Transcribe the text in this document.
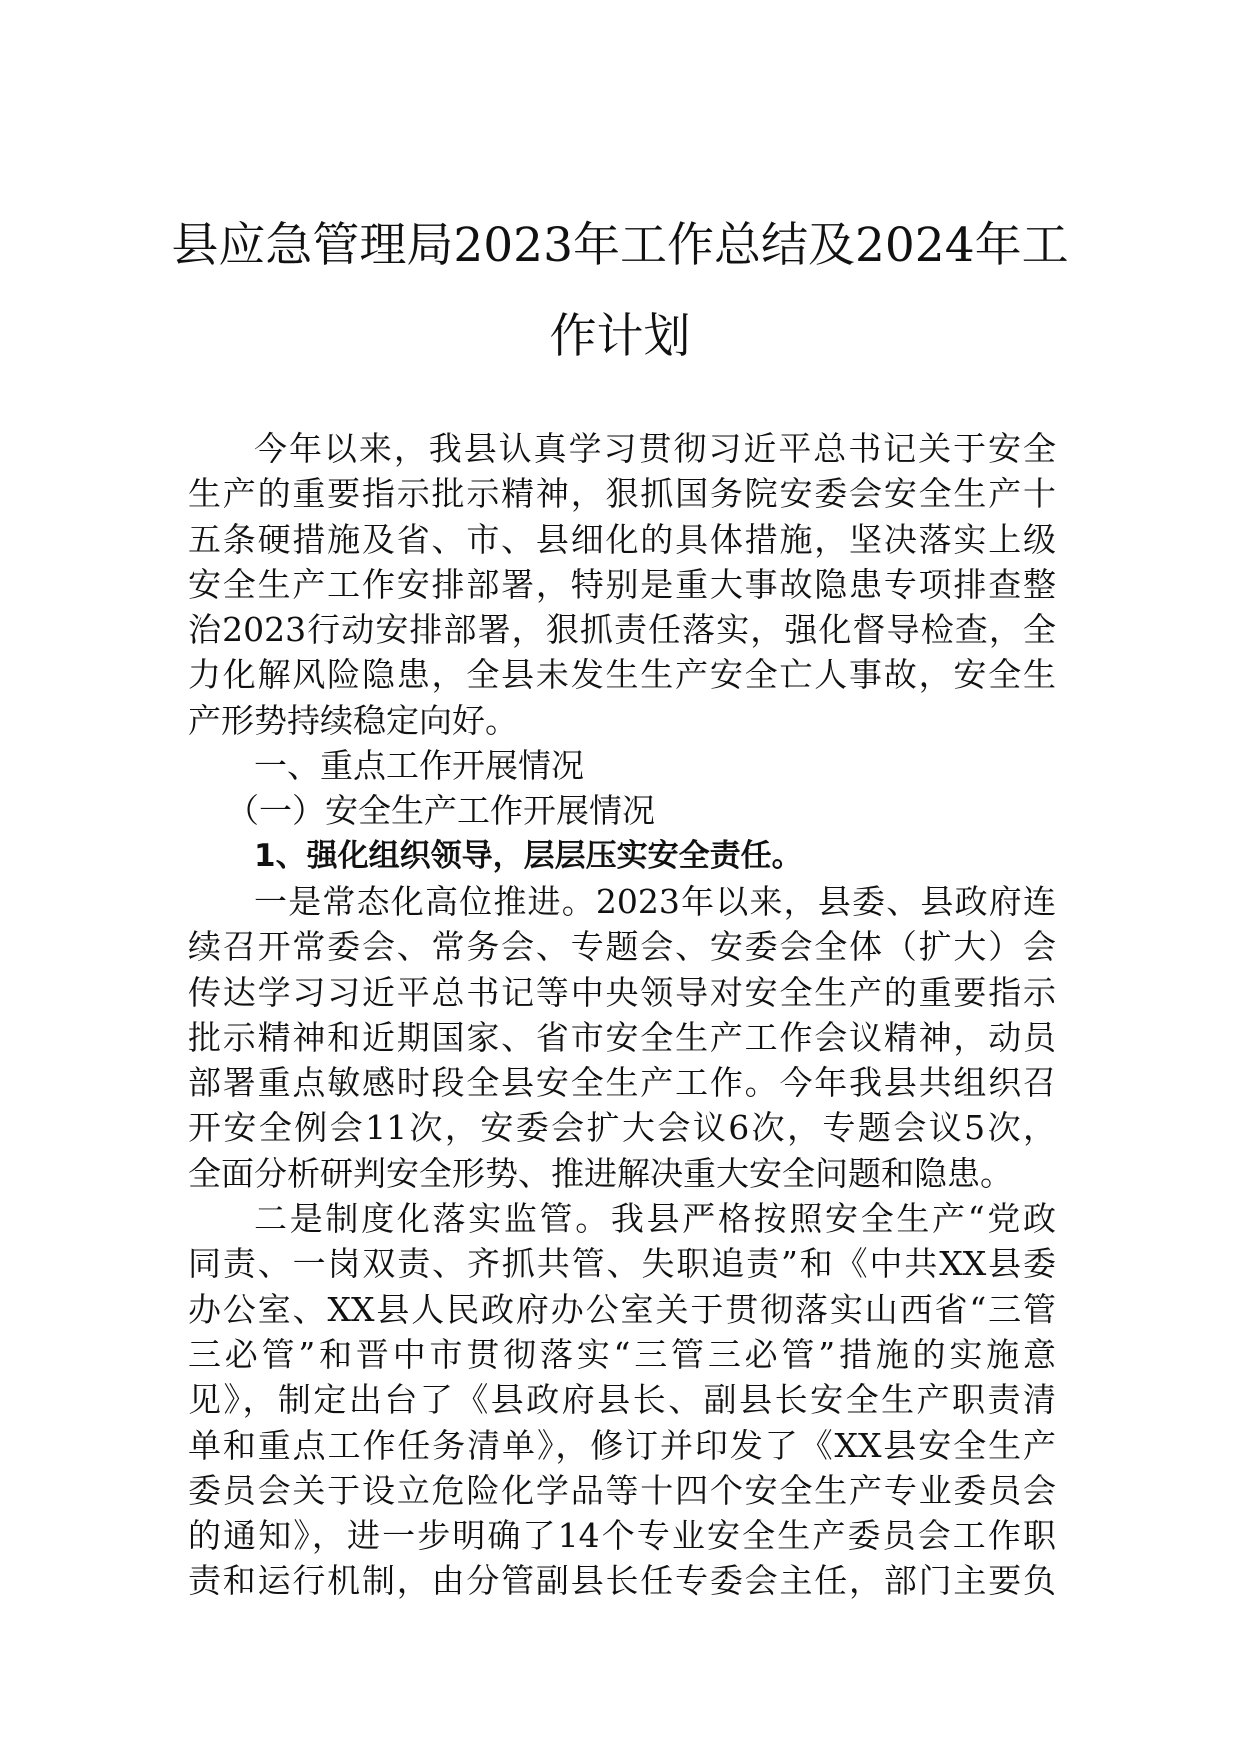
县应急管理局2023年工作总结及2024年工
作计划
今年以来，我县认真学习贯彻习近平总书记关于安全
生产的重要指示批示精神，狠抓国务院安委会安全生产十
五条硬措施及省、市、县细化的具体措施，坚决落实上级
安全生产工作安排部署，特别是重大事故隐患专项排查整
治2023行动安排部署，狠抓责任落实，强化督导检查，全
力化解风险隐患，全县未发生生产安全亡人事故，安全生
产形势持续稳定向好。
一、重点工作开展情况
（一）安全生产工作开展情况
1、强化组织领导，层层压实安全责任。
一是常态化高位推进。2023年以来，县委、县政府连
续召开常委会、常务会、专题会、安委会全体（扩大）会
传达学习习近平总书记等中央领导对安全生产的重要指示
批示精神和近期国家、省市安全生产工作会议精神，动员
部署重点敏感时段全县安全生产工作。今年我县共组织召
开安全例会11次，安委会扩大会议6次，专题会议5次，
全面分析研判安全形势、推进解决重大安全问题和隐患。
二是制度化落实监管。我县严格按照安全生产“党政
同责、一岗双责、齐抓共管、失职追责”和《中共XX县委
办公室、XX县人民政府办公室关于贯彻落实山西省“三管
三必管”和晋中市贯彻落实“三管三必管”措施的实施意
见》，制定出台了《县政府县长、副县长安全生产职责清
单和重点工作任务清单》，修订并印发了《XX县安全生产
委员会关于设立危险化学品等十四个安全生产专业委员会
的通知》，进一步明确了14个专业安全生产委员会工作职
责和运行机制，由分管副县长任专委会主任，部门主要负
